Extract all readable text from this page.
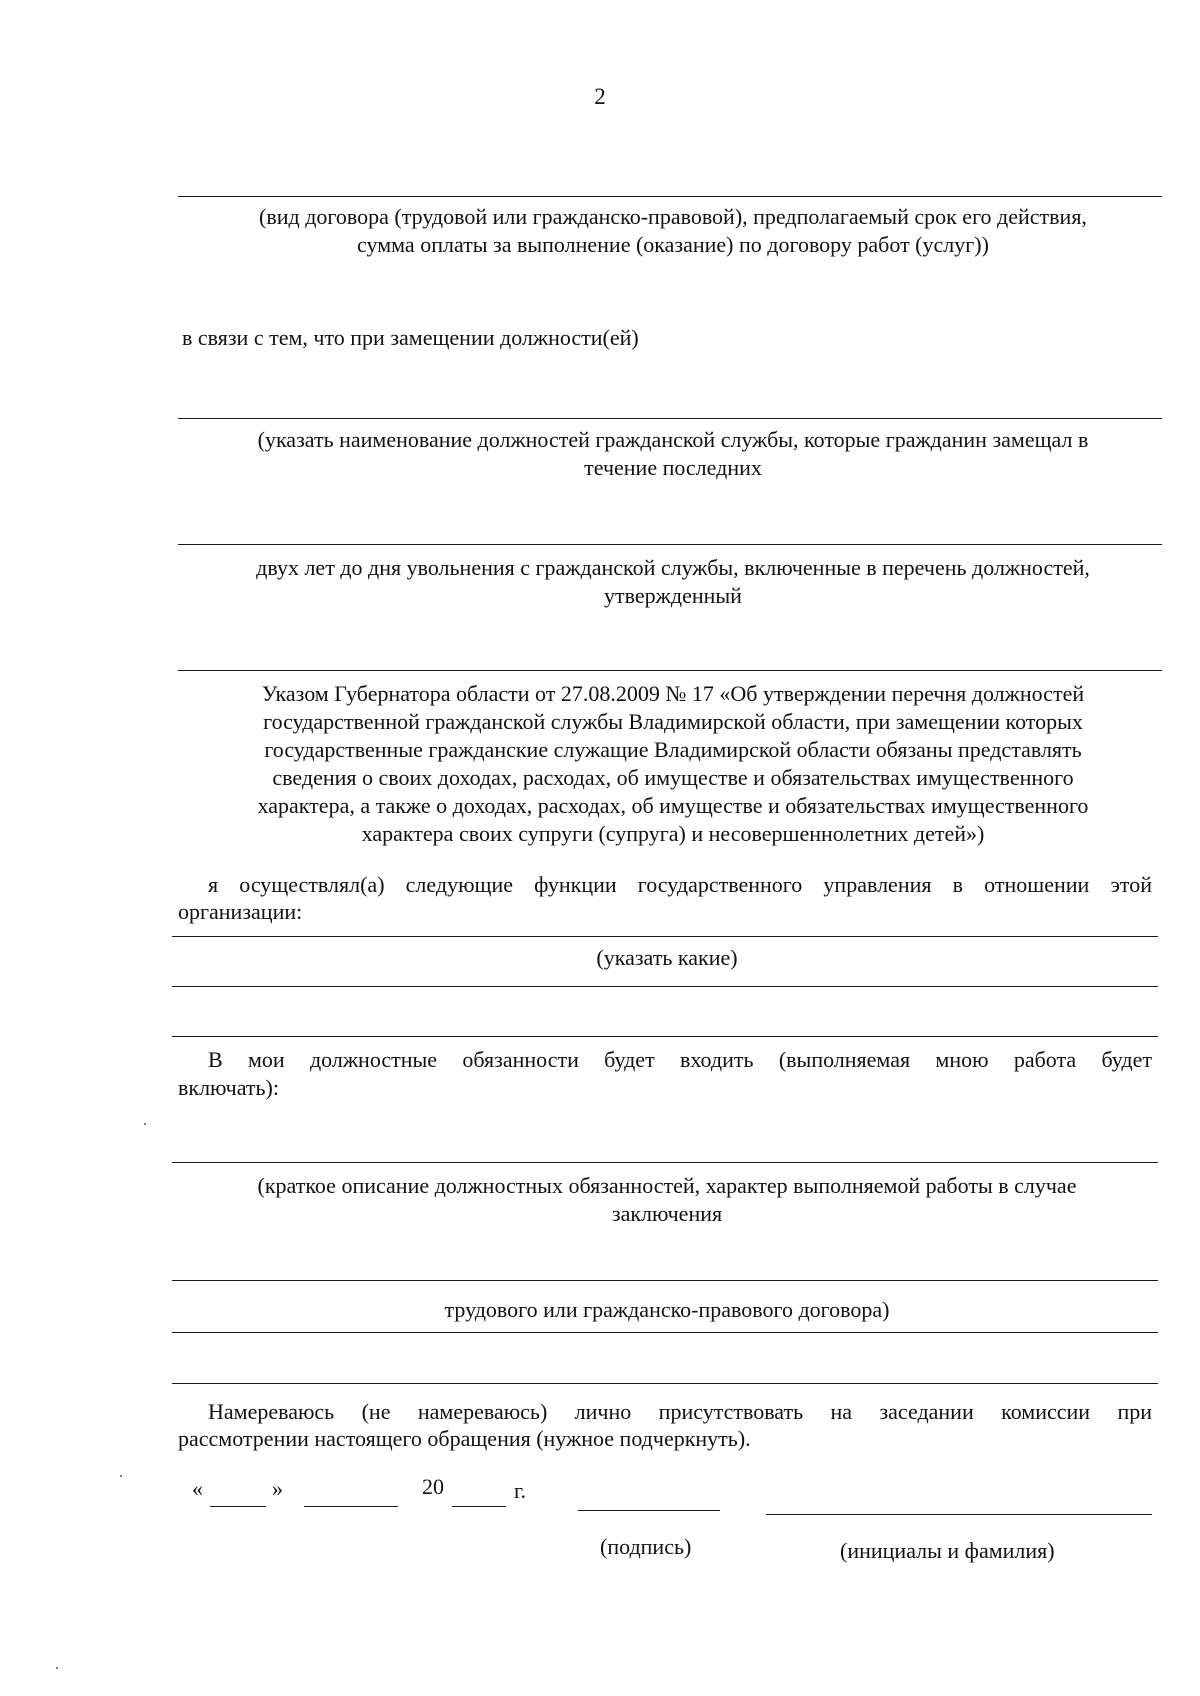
2
(вид договора (трудовой или гражданско-правовой), предполагаемый срок его действия,
сумма оплаты за выполнение (оказание) по договору работ (услуг))
в связи с тем, что при замещении должности(ей)
(указать наименование должностей гражданской службы, которые гражданин замещал в
течение последних
двух лет до дня увольнения с гражданской службы, включенные в перечень должностей,
утвержденный
Указом Губернатора области от 27.08.2009 № 17 «Об утверждении перечня должностей
государственной гражданской службы Владимирской области, при замещении которых
государственные гражданские служащие Владимирской области обязаны представлять
сведения о своих доходах, расходах, об имуществе и обязательствах имущественного
характера, а также о доходах, расходах, об имуществе и обязательствах имущественного
характера своих супруги (супруга) и несовершеннолетних детей»)
я осуществлял(а) следующие функции государственного управления в отношении этой
организации:
(указать какие)
В мои должностные обязанности будет входить (выполняемая мною работа будет
включать):
(краткое описание должностных обязанностей, характер выполняемой работы в случае
заключения
трудового или гражданско-правового договора)
Намереваюсь (не намереваюсь) лично присутствовать на заседании комиссии при
рассмотрении настоящего обращения (нужное подчеркнуть).
«	»	20	г.
(подпись)	(инициалы и фамилия)
